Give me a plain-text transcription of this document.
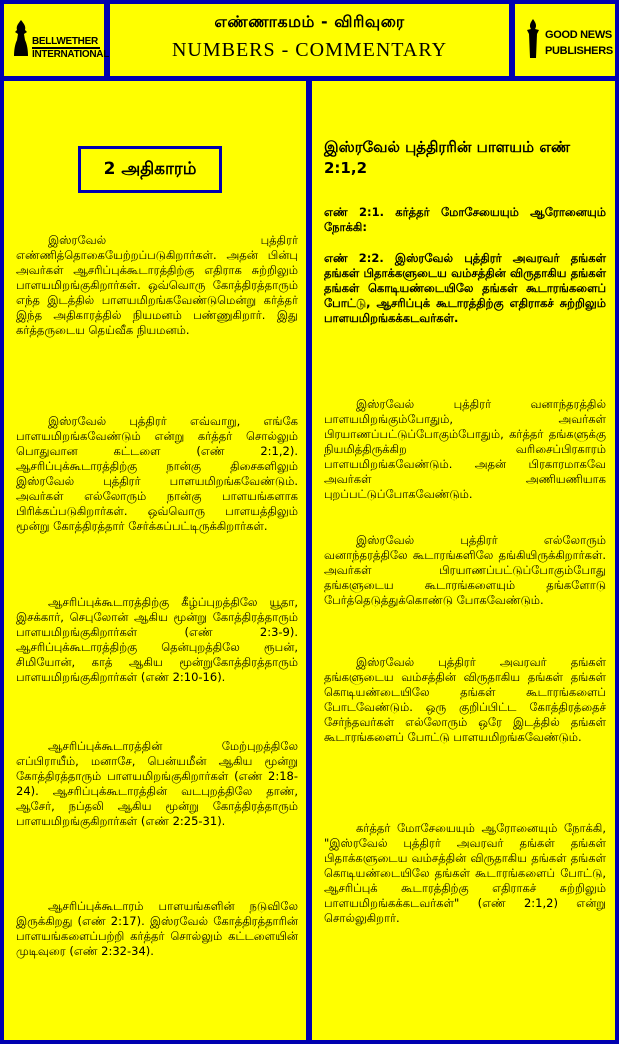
BELLWETHER
INTERNATIONAL
எண்ணாகமம் - விரிவுரை
NUMBERS - COMMENTARY
GOOD NEWS
PUBLISHERS
2 அதிகாரம்

இஸ்ரவேல் புத்திரர் எண்ணித்தொகையேற்றப்படுகிறார்கள். அதன் பின்பு அவர்கள் ஆசரிப்புக்கூடாரத்திற்கு எதிராக சுற்றிலும் பாளயமிறங்குகிறார்கள். ஒவ்வொரு கோத்திரத்தாரும் எந்த இடத்தில் பாளயமிறங்கவேண்டுமென்று கர்த்தர் இந்த அதிகாரத்தில் நியமனம் பண்ணுகிறார். இது கர்த்தருடைய தெய்வீக நியமனம்.

இஸ்ரவேல் புத்திரர் எவ்வாறு, எங்கே பாளயமிறங்கவேண்டும் என்று கர்த்தர் சொல்லும் பொதுவான கட்டளை (எண் 2:1,2). ஆசரிப்புக்கூடாரத்திற்கு நான்கு திசைகளிலும் இஸ்ரவேல் புத்திரர் பாளயமிறங்கவேண்டும். அவர்கள் எல்லோரும் நான்கு பாளயங்களாக பிரிக்கப்படுகிறார்கள். ஒவ்வொரு பாளயத்திலும் மூன்று கோத்திரத்தார் சேர்க்கப்பட்டிருக்கிறார்கள்.

ஆசரிப்புக்கூடாரத்திற்கு கீழ்ப்புறத்திலே யூதா, இசக்கார், செபுலோன் ஆகிய மூன்று கோத்திரத்தாரும் பாளயமிறங்குகிறார்கள் (எண் 2:3-9). ஆசரிப்புக்கூடாரத்திற்கு தென்புறத்திலே ரூபன், சிமியோன், காத் ஆகிய மூன்றுகோத்திரத்தாரும் பாளயமிறங்குகிறார்கள் (எண் 2:10-16).

ஆசரிப்புக்கூடாரத்தின் மேற்புறத்திலே எப்பிராயீம், மனாசே, பென்யமீன் ஆகிய மூன்று கோத்திரத்தாரும் பாளயமிறங்குகிறார்கள் (எண் 2:18-24). ஆசரிப்புக்கூடாரத்தின் வடபுறத்திலே தாண், ஆசேர், நப்தலி ஆகிய மூன்று கோத்திரத்தாரும் பாளயமிறங்குகிறார்கள் (எண் 2:25-31).

ஆசரிப்புக்கூடாரம் பாளயங்களின் நடுவிலே இருக்கிறது (எண் 2:17). இஸ்ரவேல் கோத்திரத்தாரின் பாளயங்களைப்பற்றி கர்த்தர் சொல்லும் கட்டளையின் முடிவுரை (எண் 2:32-34).

இஸ்ரவேல் புத்திரரின் பாளயம் எண் 2:1,2

எண் 2:1. கர்த்தர் மோசேயையும் ஆரோனையும் நோக்கி:

எண் 2:2. இஸ்ரவேல் புத்திரர் அவரவர் தங்கள் தங்கள் பிதாக்களுடைய வம்சத்தின் விருதாகிய தங்கள் தங்கள் கொடியண்டையிலே தங்கள் கூடாரங்களைப் போட்டு, ஆசரிப்புக் கூடாரத்திற்கு எதிராகச் சுற்றிலும் பாளயமிறங்கக்கடவர்கள்.

இஸ்ரவேல் புத்திரர் வனாந்தரத்தில் பாளயமிறங்கும்போதும், அவர்கள் பிரயாணப்பட்டுப்போகும்போதும், கர்த்தர் தங்களுக்கு நியமித்திருக்கிற வரிசைப்பிரகாரம் பாளயமிறங்கவேண்டும். அதன் பிரகாரமாகவே அவர்கள் அணியணியாக புறப்பட்டுப்போகவேண்டும்.

இஸ்ரவேல் புத்திரர் எல்லோரும் வனாந்தரத்திலே கூடாரங்களிலே தங்கியிருக்கிறார்கள். அவர்கள் பிரயாணப்பட்டுப்போகும்போது தங்களுடைய கூடாரங்களையும் தங்களோடு பேர்த்தெடுத்துக்கொண்டு போகவேண்டும்.

இஸ்ரவேல் புத்திரர் அவரவர் தங்கள் தங்களுடைய வம்சத்தின் விருதாகிய தங்கள் தங்கள் கொடியண்டையிலே தங்கள் கூடாரங்களைப் போடவேண்டும். ஒரு குறிப்பிட்ட கோத்திரத்தைச் சேர்ந்தவர்கள் எல்லோரும் ஒரே இடத்தில் தங்கள் கூடாரங்களைப் போட்டு பாளயமிறங்கவேண்டும்.

கர்த்தர் மோசேயையும் ஆரோனையும் நோக்கி, "இஸ்ரவேல் புத்திரர் அவரவர் தங்கள் தங்கள் பிதாக்களுடைய வம்சத்தின் விருதாகிய தங்கள் தங்கள் கொடியண்டையிலே தங்கள் கூடாரங்களைப் போட்டு, ஆசரிப்புக் கூடாரத்திற்கு எதிராகச் சுற்றிலும் பாளயமிறங்கக்கடவர்கள்" (எண் 2:1,2) என்று சொல்லுகிறார்.
